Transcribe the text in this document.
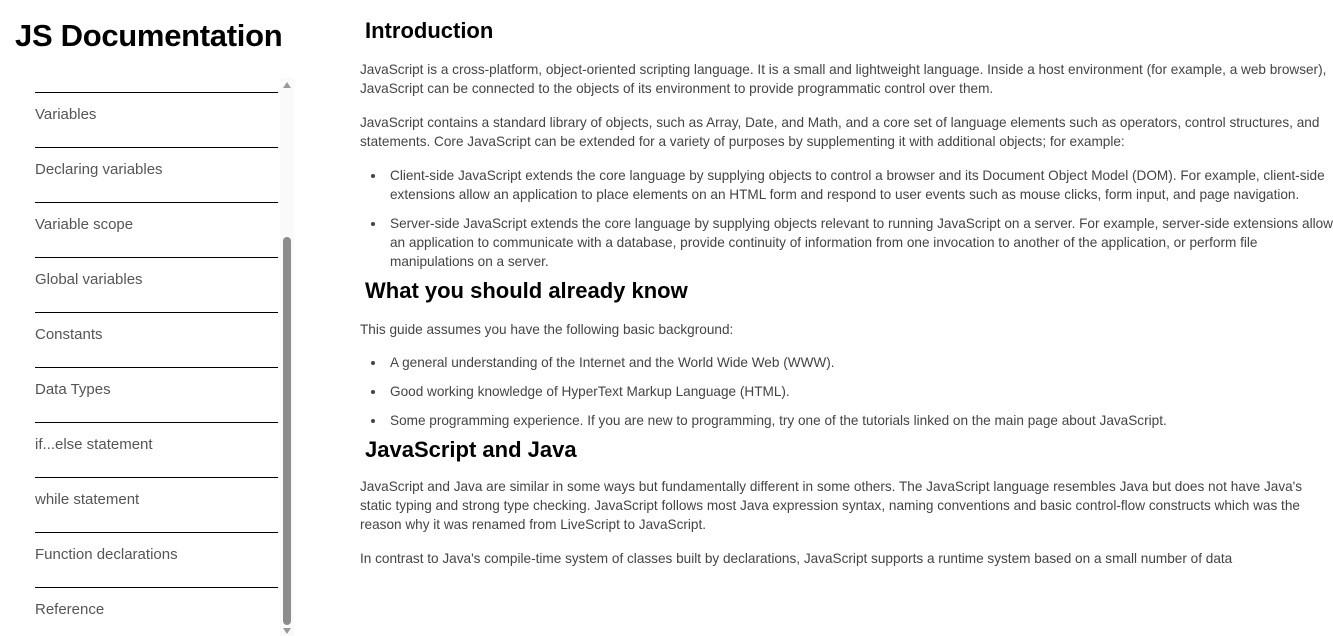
JS Documentation
Variables
Declaring variables
Variable scope
Global variables
Constants
Data Types
if...else statement
while statement
Function declarations
Reference
Introduction

JavaScript is a cross-platform, object-oriented scripting language. It is a small and lightweight language. Inside a host environment (for example, a web browser), JavaScript can be connected to the objects of its environment to provide programmatic control over them.

JavaScript contains a standard library of objects, such as Array, Date, and Math, and a core set of language elements such as operators, control structures, and statements. Core JavaScript can be extended for a variety of purposes by supplementing it with additional objects; for example:

• Client-side JavaScript extends the core language by supplying objects to control a browser and its Document Object Model (DOM). For example, client-side extensions allow an application to place elements on an HTML form and respond to user events such as mouse clicks, form input, and page navigation.
• Server-side JavaScript extends the core language by supplying objects relevant to running JavaScript on a server. For example, server-side extensions allow an application to communicate with a database, provide continuity of information from one invocation to another of the application, or perform file manipulations on a server.
What you should already know

This guide assumes you have the following basic background:

• A general understanding of the Internet and the World Wide Web (WWW).
• Good working knowledge of HyperText Markup Language (HTML).
• Some programming experience. If you are new to programming, try one of the tutorials linked on the main page about JavaScript.
JavaScript and Java

JavaScript and Java are similar in some ways but fundamentally different in some others. The JavaScript language resembles Java but does not have Java's static typing and strong type checking. JavaScript follows most Java expression syntax, naming conventions and basic control-flow constructs which was the reason why it was renamed from LiveScript to JavaScript.

In contrast to Java's compile-time system of classes built by declarations, JavaScript supports a runtime system based on a small number of data
